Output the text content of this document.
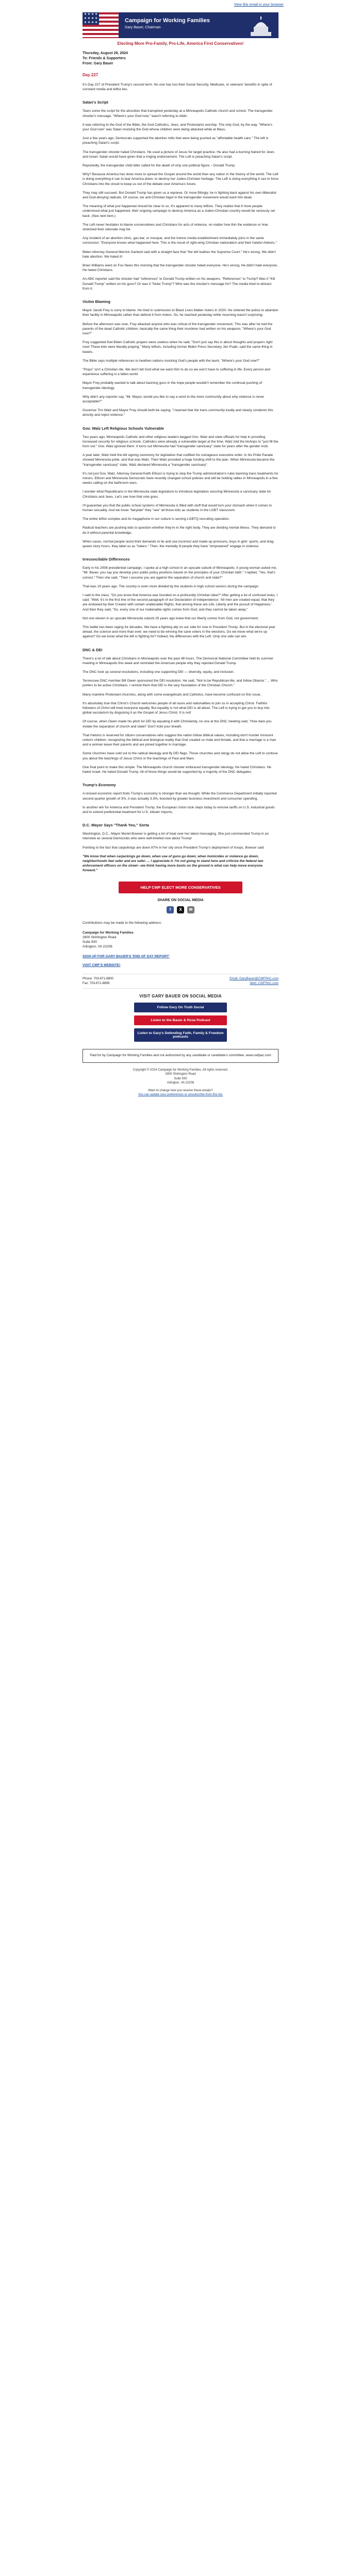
View this email in your browser
★ ★ ★ ★ ★ ★ ★ ★ ★ ★ ★ ★	Campaign for Working Families
Gary Bauer, Chairman
Electing More Pro-Family, Pro-Life, America First Conservatives!
Thursday, August 29, 2024
To: Friends & Supporters
From: Gary Bauer
Day 227

It's Day 227 of President Trump's second term. No one has lost their Social Security, Medicare, or veterans' benefits in spite of constant media and leftist lies.

Satan's Script

Tears some the script for the atrocities that transpired yesterday at a Minneapolis Catholic church and school. The transgender shooter's message, "Where's your God now," wasn't referring to Allah.

It was referring to the God of the Bible, the God Catholics, Jews, and Protestants worship. The only God, by the way. "Where's your God now" was Satan mocking the God whose children were being attacked while at Mass.

Just a few years ago, Democrats supported the abortion mills that were being pushed as "affordable health care." The left is preaching Satan's script.

The transgender shooter hated Christians. He used a picture of Jesus for target practice. He also had a burning hatred for Jews and Israel. Satan would have given that a ringing endorsement. The Left is preaching Satan's script.

Reportedly, the transgender child killer called for the death of only one political figure – Donald Trump.

Why? Because America has done more to spread the Gospel around the world than any nation in the history of the world. The Left is doing everything it can to tear America down, to destroy her Judeo-Christian heritage. The Left is doing everything it can to force Christians into the closet to keep us out of the debate over America's future.

They may still succeed. But Donald Trump has given us a reprieve. Or more fittingly, he is fighting back against his own illiberalist and God-denying radicals. Of course, we anti-Christian bigot in the transgender movement would want him dead.

The meaning of what just happened should be clear to us. It's apparent to many leftists. They realize that if more people understood what just happened, their ongoing campaign to destroy America as a Judeo-Christian country would be seriously set back. (See next item.)

The Left never hesitates to blame conservatives and Christians for acts of violence, no matter how thin the evidence or how stretched their rationale may be.

Any incident of an abortion clinic, gas bar, or mosque, and the tremor media establishment immediately joins in the same conclusion: "Everyone knows what happened here. This is the result of right-wing Christian nationalism and their hateful rhetoric."

Biden Attorney General Merrick Garland said with a straight face that "the left loathes the Supreme Court." He's wrong. We didn't hate abortion. We hated it!

Brian Williams went on Fox News this morning that the transgender shooter hated everyone. He's wrong. He didn't hate everyone. He hated Christians.

An ABC reporter said the shooter had "references" to Donald Trump written on his weapons. "References" to Trump? Was it "Kill Donald Trump" written on his guns? Or was it "Nuke Trump"? Who was the shooter's message for? The media tried to distract from it.

Victim Blaming

Mayor Jacob Frey is sorry to blame. He tried in submission to Black Lives Matter rioters in 2020. He ordered the police to abandon their facility in Minneapolis rather than defend it from rioters. So, he reached yesterday while mourning wasn't surprising.

Before the afternoon was over, Frey attacked anyone who was critical of the transgender movement. This was after he told the parents of the dead Catholic children, basically the same thing their murderer had written on his weapons. "Where's your God now?"

Frey suggested that Biden Catholic prayers were useless when he said, "Don't just say this is about thoughts and prayers right now! These kids were literally praying." Many leftists, including former Biden Press Secretary Jen Psaki, said the same thing in tweets.

The Bible says multiple references to heathen nations mocking God's people with the taunt, "Where's your God now?"

"Prays" isn't a Christian rite. We don't tell God what we want Him to do so we won't have to suffering in life. Every person and experience suffering in a fallen world.

Mayor Frey probably wanted to talk about banning guns in the hope people wouldn't remember the continual pushing of transgender ideology.

Why didn't any reporter say, "Mr. Mayor, would you like to say a word to the mere community about why violence is never acceptable?"

Governor Tim Walz and Mayor Frey should both be saying, "I learned that the trans community loudly and clearly condemn this atrocity and reject violence."

Gov. Walz Left Religious Schools Vulnerable

Two years ago, Minneapolis Catholic and other religious leaders begged Gov. Walz and state officials for help in providing increased security for religious schools. Catholics were already a vulnerable target at the time. Walz told the bishops to "just fill the form out." Gov. Walz ignored them. It turns out Minnesota had "transgender sanctuary" state for years after the gender mob.

A year later, Walz held the bill signing ceremony for legislation that codified his outrageous executive order. In his Pride Parade showed Minnesota pride, and that was Walz. Then Walz provided a huge funding shift to the plan. When Minnesota became the "transgender sanctuary" state, Walz declared Minnesota a "transgender sanctuary".

It's not just Gov. Walz. Attorney General Keith Ellison is trying to stop the Trump administration's rules banning trans treatments for minors. Ellison and Minnesota Democrats have recently changed school policies and will be holding rallies in Minneapolis in a few weeks calling on the bathroom wars.

I wonder what Republicans in the Minnesota state legislature to introduce legislation securing Minnesota a sanctuary state for Christians and Jews. Let's see how that vote goes.

I'll guarantee you that the public school systems of Minnesota is filled with stuff that would turn your stomach when it comes to human sexuality. And we know "fairytale" they "see" all those kids as students in the LGBT classroom.

The entire leftist complex and its megaphone in our culture is serving LGBTQ recruiting operation.

Radical teachers are pushing kids to question whether they're in the right body. They are dividing mental illness. They demand to do it without parental knowledge.

When cases, normal people resist their demands to lie and use incorrect and made-up pronouns, boys in girls' sports, and drag queen story hours, they label us as "haters." Then, the mentally ill people they have "empowered" engage in violence.

Irreconcilable Differences

Early in his 2008 presidential campaign, I spoke at a high school in an upscale suburb of Minneapolis. A young woman asked me, "Mr. Bauer, you say you develop your public policy positions based on the principles of your Christian faith." I replied, "Yes, that's correct." Then she said, "Then I assume you are against the separation of church and state?"

That was 19 years ago. The country is even more divided by the students in high school seniors during the campaign.

I said to the class, "Do you know that America was founded on a profoundly Christian idea?" After getting a lot of confused looks, I said, "Well, it's in the first line of the second paragraph of our Declaration of Independence: 'All men are created equal, that they are endowed by their Creator with certain unalienable Rights, that among these are Life, Liberty and the pursuit of Happiness.' And then they said, "So, every one of our inalienable rights comes from God, and they cannot be taken away."

Not one eleven in an upscale Minnesota suburb 25 years ago knew that our liberty comes from God, not government.

This battle has been raging for decades. We have a fighting ally on our side for now in President Trump. But in the electoral year ahead, the science and more than ever, we need to be winning the sane voters in the elections. Do we know what we're up against? Do we know what the left is fighting for? Indeed, the differences with the Left. Only one side can win.

DNC & DEI

There's a lot of talk about Christians in Minneapolis over the past 48 hours. The Democrat National Committee held its summer meeting in Minneapolis this week and reminded the American people why they rejected Donald Trump.

The DNC took up several resolutions, including one supporting DEI — diversity, equity, and inclusion.

Tennessee DNC member Bill Owen sponsored the DEI resolution. He said, "Not to be Republican-lite, and follow Obama." ... Who prefers to be active Christians. I remind them that DEI is the very foundation of the Christian Church."

Many mainline Protestant churches, along with some evangelicals and Catholics, have become confused on this issue.

It's absolutely true that Christ's Church welcomes people of all races and nationalities to join us in accepting Christ. Faithful followers of Christ will treat everyone equally. But equality is not what DEI is all about. The Left is trying to get you to buy into global secularism by disguising it as the Gospel of Jesus Christ. It is not!

Of course, when Owen made his pitch for DEI by equating it with Christianity, no one at the DNC meeting said, "How dare you violate the separation of church and state!" Don't hold your breath.

That rhetoric is reserved for citizen conservatives who suggest the nation follow biblical values, including don't murder innocent unborn children, recognizing the biblical and biological reality that God created us male and female, and that a marriage is a man and a woman leave their parents and are joined together in marriage.

Some churches have sold out to the radical ideology and fly DEI flags. Those churches and clergy do not allow the Left to confuse you about the teachings of Jesus Christ or the teachings of Paul and Marx.

One final point to make this simple: The Minneapolis church shooter embraced transgender ideology. He hated Christians. He hated Israel. He hated Donald Trump. All of those things would be supported by a majority of the DNC delegates.

Trump's Economy

A revised economic report finds Trump's economy is stronger than we thought. While the Commerce Department initially reported second quarter growth of 3%, it was actually 3.3%, boosted by greater business investment and consumer spending.

In another win for America and President Trump, the European Union took steps today to remove tariffs on U.S. industrial goods and to extend preferential treatment for U.S. lobster imports.

D.C. Mayor Says "Thank You," Sorta

Washington, D.C., Mayor Muriel Bowser is getting a lot of heat over her latest messaging. She just commended Trump in an interview as several Democrats who were well-briefed now about Trump!

Pointing to the fact that carjackings are down 87% in her city since President Trump's deployment of troops, Bowser said:

"We know that when carjackings go down, when use of guns go down, when homicides or violence go down, neighborhoods feel safer and are safer. ... I appreciate it. I'm not going to stand here and criticize the federal law enforcement officers on the street—we think having more boots on the ground is what can help move everyone forward."

HELP CWF ELECT MORE CONSERVATIVES
SHARE ON SOCIAL MEDIA
f	X	✉

Contributions may be made to the following address:

Campaign for Working Families
2800 Shirlington Road
Suite 930
Arlington, VA 22206

SIGN UP FOR GARY BAUER'S 'END OF DAY REPORT'

VISIT CWF'S WEBSITE!

Phone: 703-671-8800
Fax: 703-671-8899
Email: GaryBauer@CWFPAC.com
Web: CWFPAC.com
VISIT GARY BAUER ON SOCIAL MEDIA
Follow Gary On Truth Social
Listen to the Bauer & Rose Podcast
Listen to Gary's Defending Faith, Family & Freedom podcasts
Paid for by Campaign for Working Families and not authorized by any candidate or candidate's committee. www.cwfpac.com
Copyright © 2024 Campaign for Working Families, All rights reserved.
2800 Shirlington Road
Suite 930
Arlington, VA 22206
Want to change how you receive these emails?
You can update your preferences or unsubscribe from this list.
